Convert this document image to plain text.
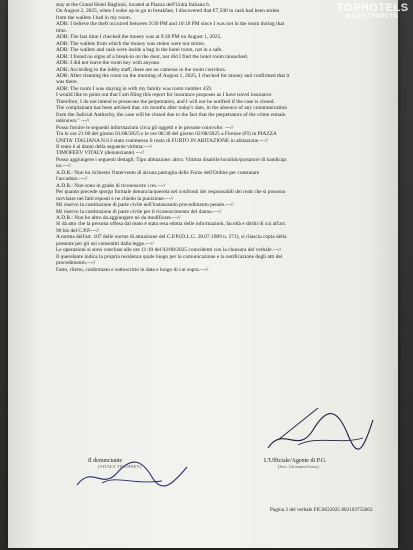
stay at the Grand Hotel Baglioni, located at Piazza dell'Unità Italiana 6.
On August 2, 2025, when I woke up to go to breakfast, I discovered that €7,500 in cash had been stolen
from the wallets I had in my room.
ADR: I believe the theft occurred between 9:30 PM and 10:18 PM since I was not in the room during that
time.
ADR: The last time I checked the money was at 9:30 PM on August 1, 2025.
ADR: The wallets from which the money was stolen were not stolen.
ADR: The wallets and cash were inside a bag in the hotel room, not in a safe.
ADR: I found no signs of a break-in on the door, nor did I find the hotel room ransacked.
ADR: I did not leave the room key with anyone.
ADR: According to the lobby staff, there are no cameras in the room corridors.
ADR: After cleaning the room on the morning of August 1, 2025, I checked for money and confirmed that it
was there.
ADR: The room I was staying in with my family was room number 459.
I would like to point out that I am filing this report for insurance purposes as I have travel insurance.
Therefore, I do not intend to prosecute the perpetrators, and I will not be notified if the case is closed.
The complainant has been advised that, six months after today's date, in the absence of any communication
from the Judicial Authority, the case will be closed due to the fact that the perpetrators of the crime remain
unknown." ---//
Posso fornire le seguenti informazioni circa gli oggetti e le persone coinvolte: ---//
Tra le ore 21:00 del giorno 01/08/2025 e le ore 08:30 del giorno 02/08/2025 a Firenze (FI) in PIAZZA
UNITA' ITALIANA N.6 è stato commesso il reato di FURTO IN ABITAZIONE in abitazione.---//
Il reato è ai danni della seguente vittima:---//
TIMOFEEV VITALY (denunciante) ---//
Posso aggiungere i seguenti dettagli: Tipo abitazione: altro; Vittima disabile/invalido/portatore di handicap:
no.---//
A.D.R.: Non ho richiesto l'intervento di alcuna pattuglia delle Forze dell'Ordine per constatare
l'accaduto.---//
A.D.R.: Non sono in grado di riconoscere i rei.---//
Per quanto precede sporgo formale denuncia/querela nei confronti dei responsabili dei reati che si possono
ravvisare nei fatti esposti e ne chiedo la punizione.---//
Mi riservo la costituzione di parte civile nell'instaurando procedimento penale.---//
Mi riservo la costituzione di parte civile per il riconoscimento del danno.---//
A.D.R.: Non ho altro da aggiungere né da modificare.---//
Si dà atto che la persona offesa dal reato è stata resa edotta delle informazioni, facoltà e diritti di cui all'art.
90 bis del C.P.P.---//
A norma dell'art. 107 delle norme di attuazione del C.P.P.(D.L.G. 28.07.1989 n. 271), si rilascia copia della
presente per gli usi consentiti dalla legge.---//
Le operazioni si sono concluse alle ore 11:10 del 02/08/2025 coincidenti con la chiusura del verbale.---//
Il querelante indica la propria residenza quale luogo per la comunicazione e la notificazione degli atti del
procedimento.---//
Fatto, riletto, confermato e sottoscritto in data e luogo di cui sopra.---//
Il denunciante
(VITALY TIMOFEEV)
L'Ufficiale/Agente di P.G.
(Sov. Giovanni Irrera)
Pagina 2 del verbale FICS632025 802103755063
TOPHOTELS
ФОТО ТУРИСТА
